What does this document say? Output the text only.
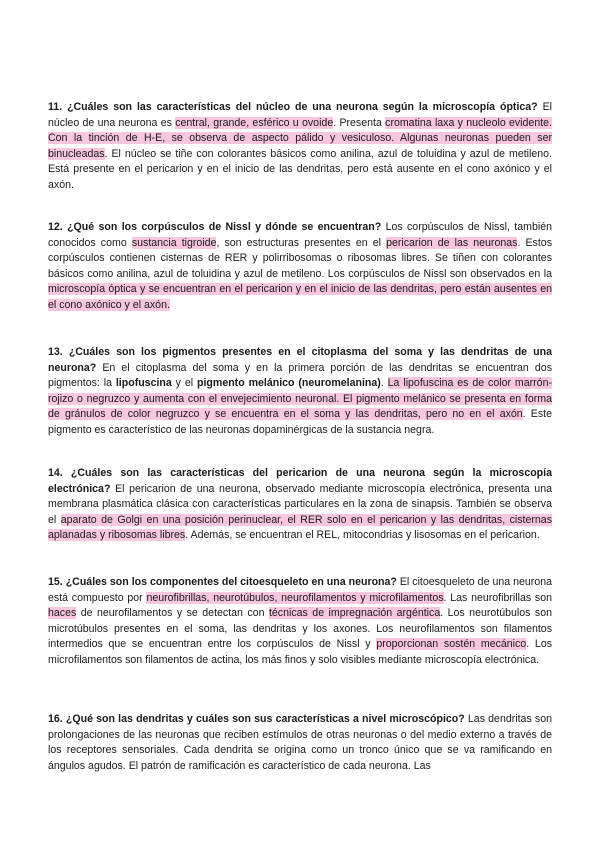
11. ¿Cuáles son las características del núcleo de una neurona según la microscopía óptica? El núcleo de una neurona es central, grande, esférico u ovoide. Presenta cromatina laxa y nucleolo evidente. Con la tinción de H-E, se observa de aspecto pálido y vesiculoso. Algunas neuronas pueden ser binucleadas. El núcleo se tiñe con colorantes básicos como anilina, azul de toluidina y azul de metileno. Está presente en el pericarion y en el inicio de las dendritas, pero está ausente en el cono axónico y el axón.

12. ¿Qué son los corpúsculos de Nissl y dónde se encuentran? Los corpúsculos de Nissl, también conocidos como sustancia tigroide, son estructuras presentes en el pericarion de las neuronas. Estos corpúsculos contienen cisternas de RER y polirribosomas o ribosomas libres. Se tiñen con colorantes básicos como anilina, azul de toluidina y azul de metileno. Los corpúsculos de Nissl son observados en la microscopía óptica y se encuentran en el pericarion y en el inicio de las dendritas, pero están ausentes en el cono axónico y el axón.

13. ¿Cuáles son los pigmentos presentes en el citoplasma del soma y las dendritas de una neurona? En el citoplasma del soma y en la primera porción de las dendritas se encuentran dos pigmentos: la lipofuscina y el pigmento melánico (neuromelanina). La lipofuscina es de color marrón-rojizo o negruzco y aumenta con el envejecimiento neuronal. El pigmento melánico se presenta en forma de gránulos de color negruzco y se encuentra en el soma y las dendritas, pero no en el axón. Este pigmento es característico de las neuronas dopaminérgicas de la sustancia negra.

14. ¿Cuáles son las características del pericarion de una neurona según la microscopía electrónica? El pericarion de una neurona, observado mediante microscopía electrónica, presenta una membrana plasmática clásica con características particulares en la zona de sinapsis. También se observa el aparato de Golgi en una posición perinuclear, el RER solo en el pericarion y las dendritas, cisternas aplanadas y ribosomas libres. Además, se encuentran el REL, mitocondrias y lisosomas en el pericarion.

15. ¿Cuáles son los componentes del citoesqueleto en una neurona? El citoesqueleto de una neurona está compuesto por neurofibrillas, neurotúbulos, neurofilamentos y microfilamentos. Las neurofibrillas son haces de neurofilamentos y se detectan con técnicas de impregnación argéntica. Los neurotúbulos son microtúbulos presentes en el soma, las dendritas y los axones. Los neurofilamentos son filamentos intermedios que se encuentran entre los corpúsculos de Nissl y proporcionan sostén mecánico. Los microfilamentos son filamentos de actina, los más finos y solo visibles mediante microscopía electrónica.

16. ¿Qué son las dendritas y cuáles son sus características a nivel microscópico? Las dendritas son prolongaciones de las neuronas que reciben estímulos de otras neuronas o del medio externo a través de los receptores sensoriales. Cada dendrita se origina como un tronco único que se va ramificando en ángulos agudos. El patrón de ramificación es característico de cada neurona. Las
